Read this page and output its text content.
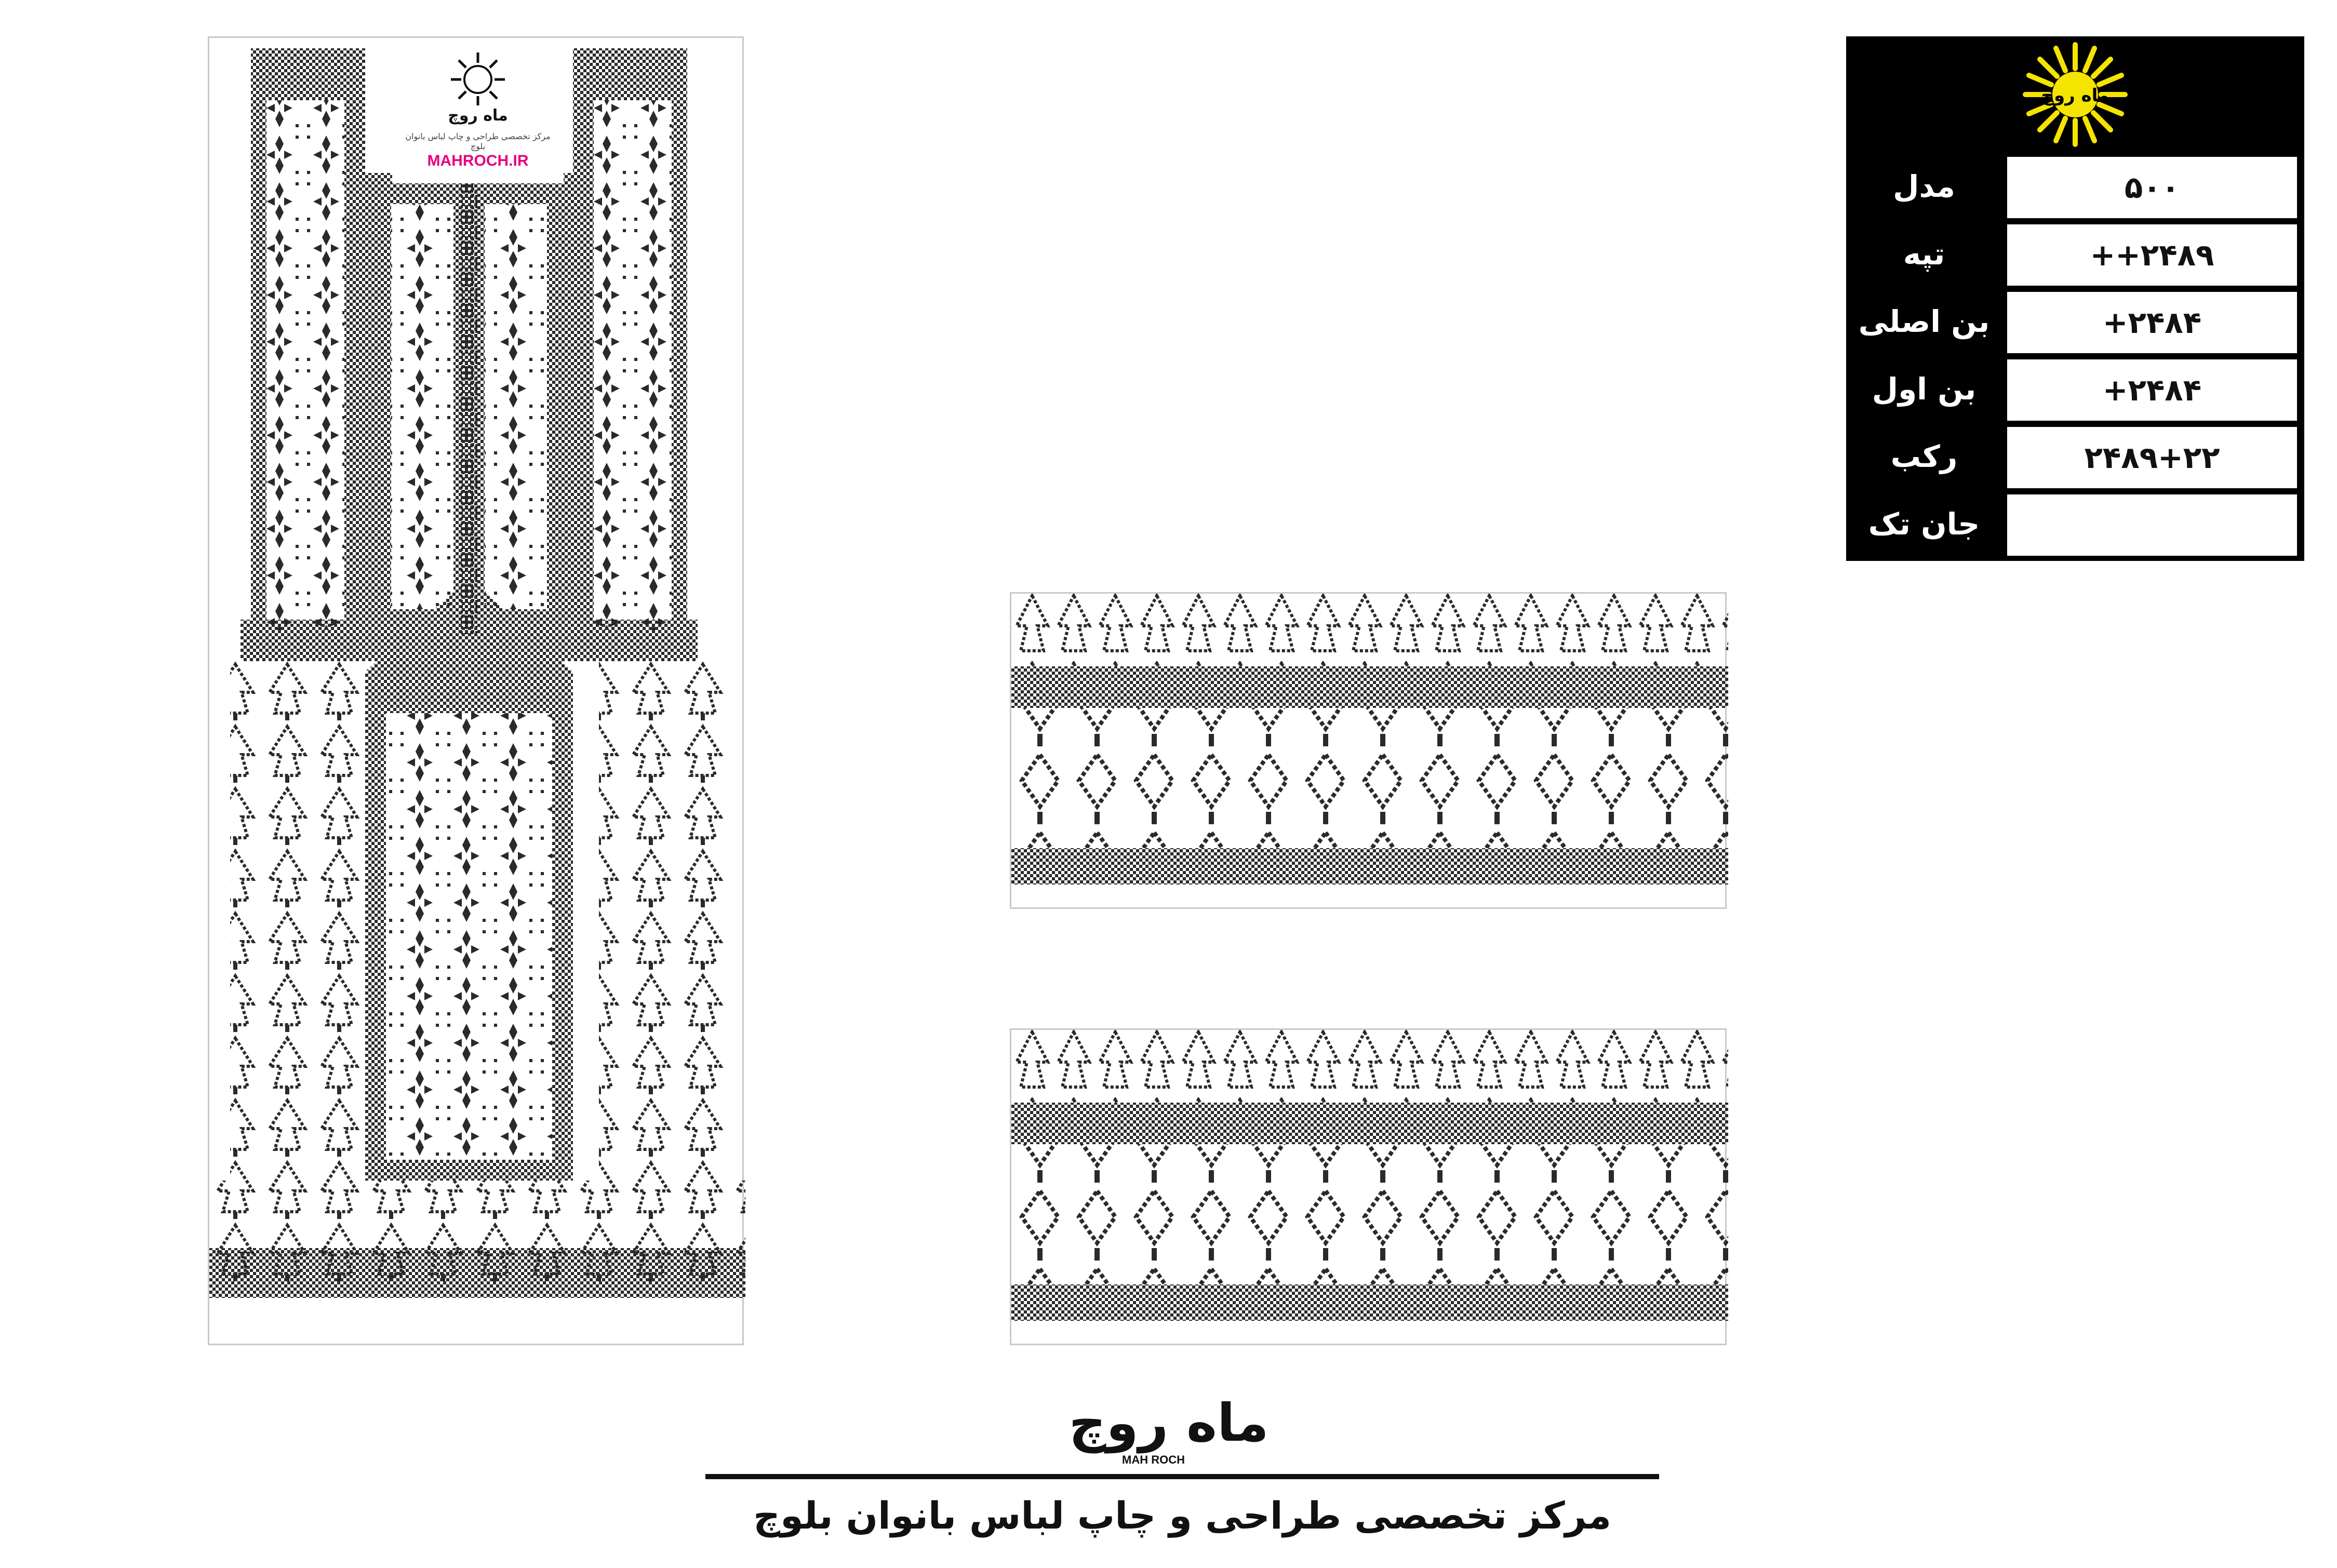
ماه روچ
مرکز تخصصی طراحی و چاپ لباس بانوان بلوچ
MAHROCH.IR
ماه روچ
مدل	۵۰۰
تپه	۲۴۸۹++
بن اصلی	۲۴۸۴+
بن اول	۲۴۸۴+
رکب	۲۴۸۹+۲۲
جان تک
ماه روچ
MAH ROCH
مرکز تخصصی طراحی و چاپ لباس بانوان بلوچ
